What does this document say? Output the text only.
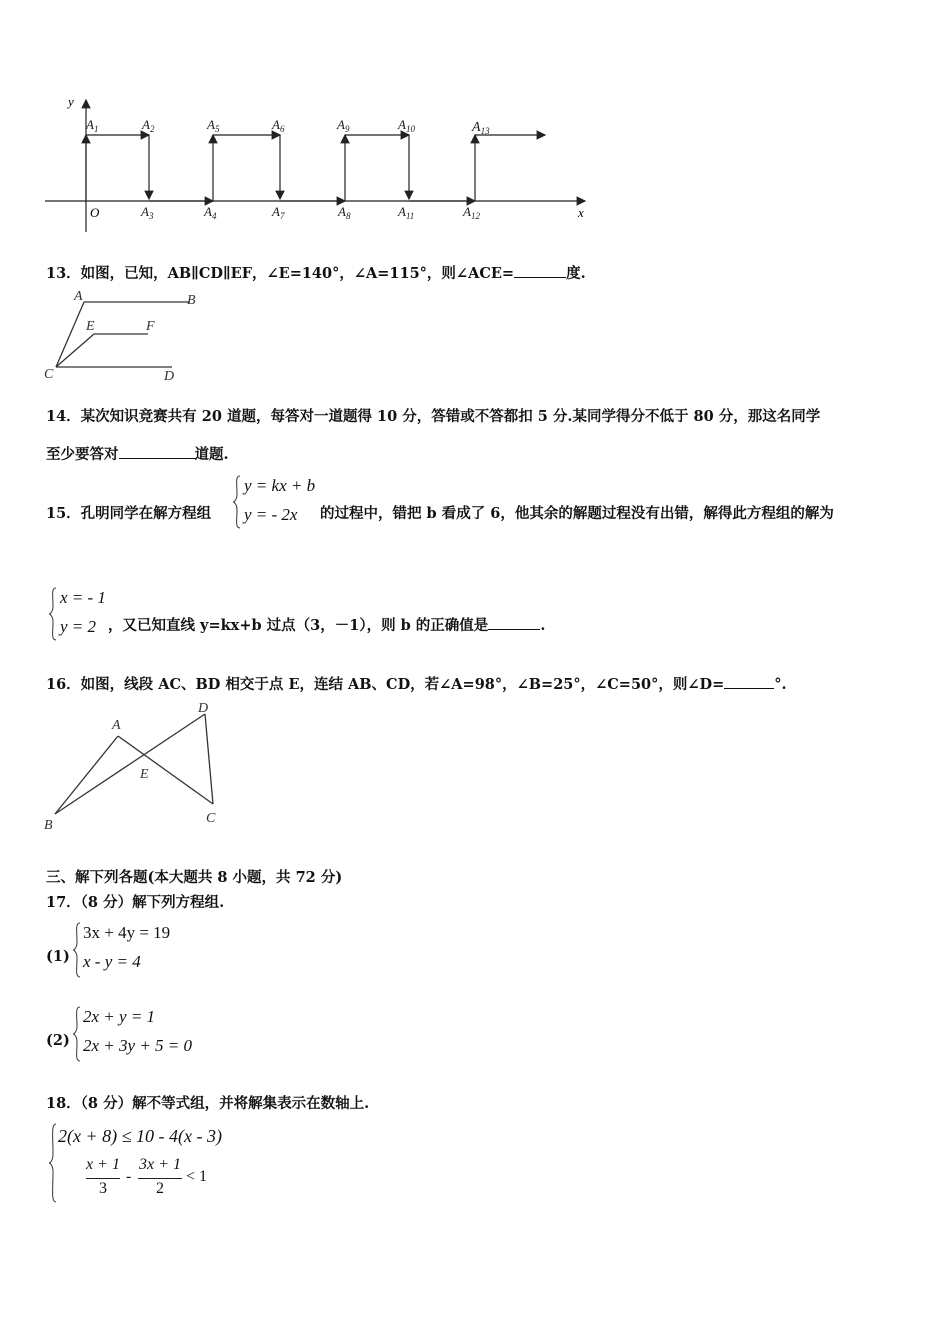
y
x
O
$A_1$	$A_2$	$A_5$	$A_6$	$A_9$	$A_{10}$	$A_{13}$
$A_3$	$A_4$	$A_7$	$A_8$	$A_{11}$	$A_{12}$
13．如图，已知，AB∥CD∥EF，∠E=140°，∠A=115°，则∠ACE=	度.
A	B
C	D
E	F
14．某次知识竞赛共有 20 道题，每答对一道题得 10 分，答错或不答都扣 5 分.某同学得分不低于 80 分，那这名同学
至少要答对	道题.
15．孔明同学在解方程组
y = kx + b
y = - 2x 的过程中，错把 b 看成了 6，他其余的解题过程没有出错，解得此方程组的解为
x = - 1
y = 2 ，又已知直线 y=kx+b 过点（3，－1），则 b 的正确值是	.
16．如图，线段 AC、BD 相交于点 E，连结 AB、CD，若∠A=98°，∠B=25°，∠C=50°，则∠D=	°.
A
B	C
D
E
三、解下列各题(本大题共 8 小题，共 72 分)
17．（8 分）解下列方程组.
(1)
3x + 4y = 19
x - y = 4
(2)
2x + y = 1
2x + 3y + 5 = 0
18．（8 分）解不等式组，并将解集表示在数轴上.
2(x + 8) ≤ 10 - 4(x - 3)
x + 1
3
-
3x + 1
2
< 1
